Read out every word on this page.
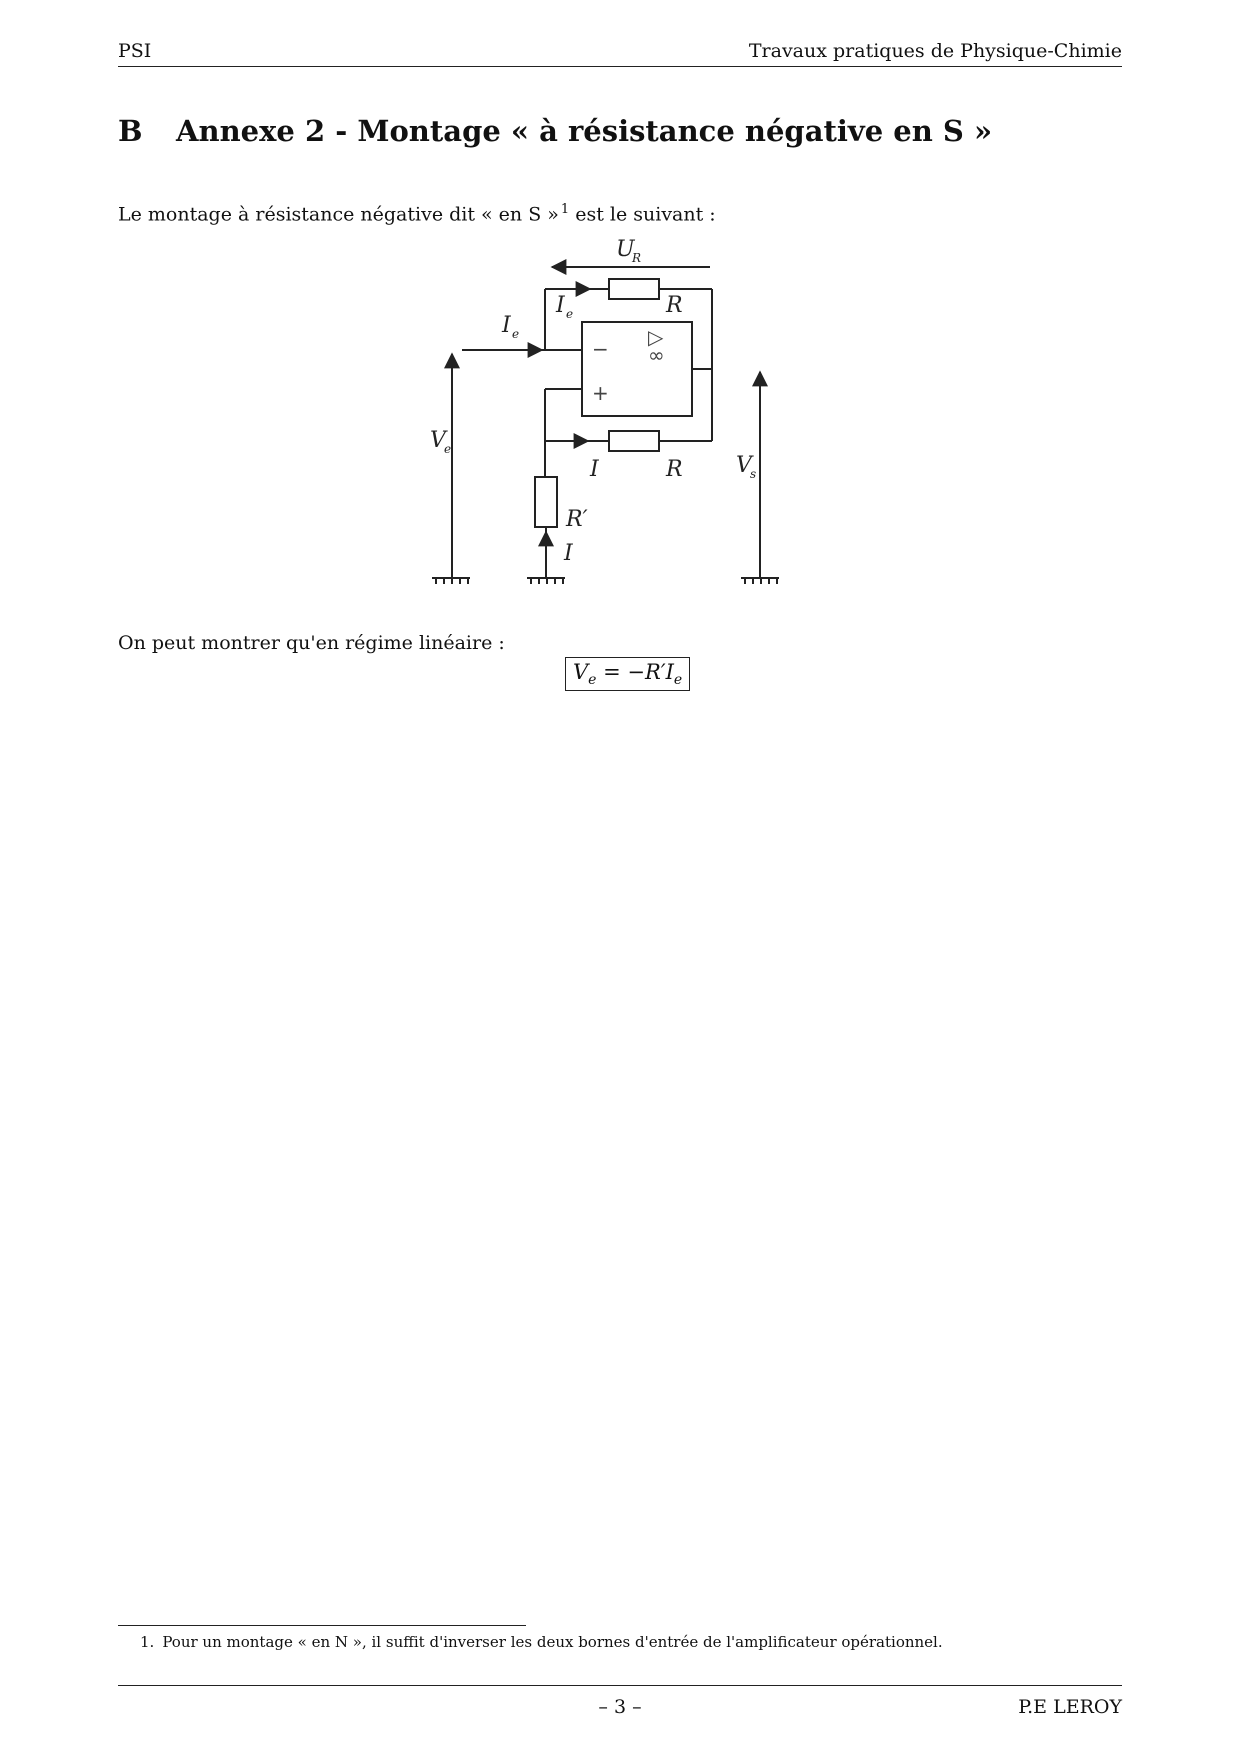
PSI	Travaux pratiques de Physique-Chimie
B Annexe 2 - Montage « à résistance négative en S »
Le montage à résistance négative dit « en S » $^1$ est le suivant :
U
R
I e	R
I e
−
+
▷
∞
V
e
I	R V
s
R′
I
On peut montrer qu'en régime linéaire :
$V_e = -R'I_e$
1. Pour un montage « en N », il suffit d'inverser les deux bornes d'entrée de l'amplificateur opérationnel.
– 3 –	P.E LEROY
